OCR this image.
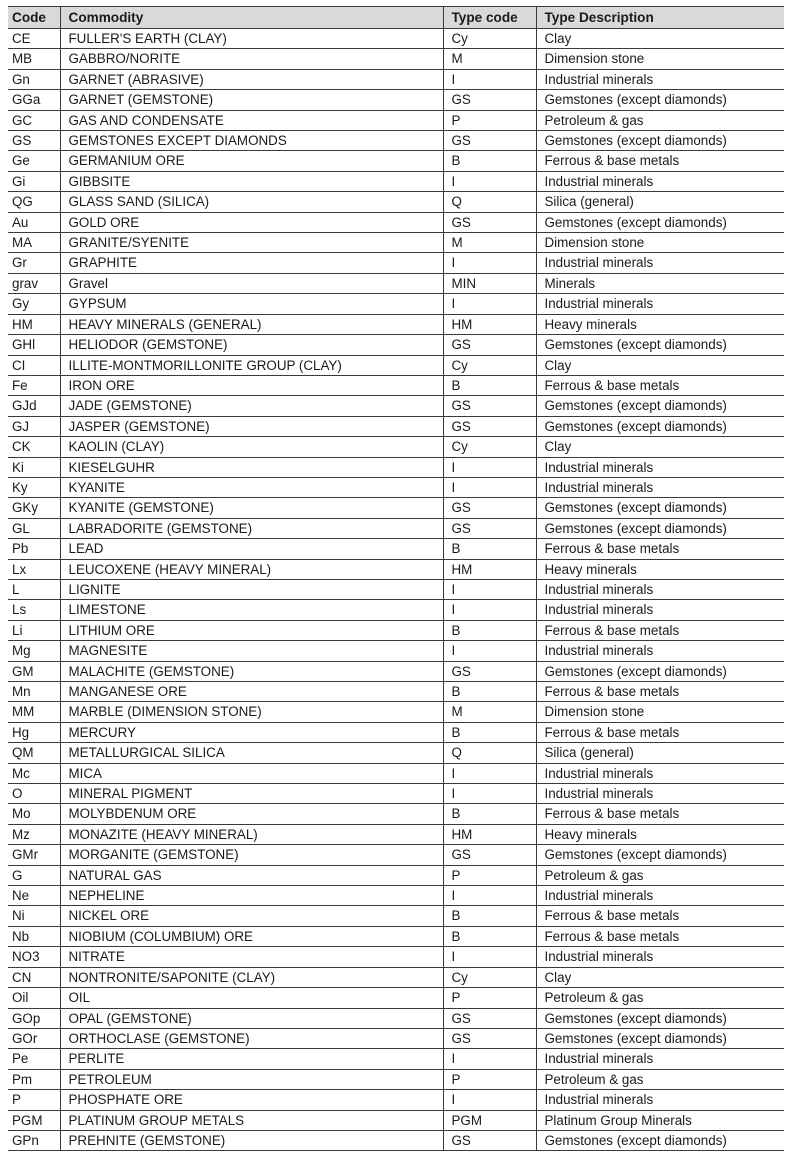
Code	Commodity	Type code	Type Description
CE	FULLER'S EARTH (CLAY)	Cy	Clay
MB	GABBRO/NORITE	M	Dimension stone
Gn	GARNET (ABRASIVE)	I	Industrial minerals
GGa	GARNET (GEMSTONE)	GS	Gemstones (except diamonds)
GC	GAS AND CONDENSATE	P	Petroleum & gas
GS	GEMSTONES EXCEPT DIAMONDS	GS	Gemstones (except diamonds)
Ge	GERMANIUM ORE	B	Ferrous & base metals
Gi	GIBBSITE	I	Industrial minerals
QG	GLASS SAND (SILICA)	Q	Silica (general)
Au	GOLD ORE	GS	Gemstones (except diamonds)
MA	GRANITE/SYENITE	M	Dimension stone
Gr	GRAPHITE	I	Industrial minerals
grav	Gravel	MIN	Minerals
Gy	GYPSUM	I	Industrial minerals
HM	HEAVY MINERALS (GENERAL)	HM	Heavy minerals
GHl	HELIODOR (GEMSTONE)	GS	Gemstones (except diamonds)
CI	ILLITE-MONTMORILLONITE GROUP (CLAY)	Cy	Clay
Fe	IRON ORE	B	Ferrous & base metals
GJd	JADE (GEMSTONE)	GS	Gemstones (except diamonds)
GJ	JASPER (GEMSTONE)	GS	Gemstones (except diamonds)
CK	KAOLIN (CLAY)	Cy	Clay
Ki	KIESELGUHR	I	Industrial minerals
Ky	KYANITE	I	Industrial minerals
GKy	KYANITE (GEMSTONE)	GS	Gemstones (except diamonds)
GL	LABRADORITE (GEMSTONE)	GS	Gemstones (except diamonds)
Pb	LEAD	B	Ferrous & base metals
Lx	LEUCOXENE (HEAVY MINERAL)	HM	Heavy minerals
L	LIGNITE	I	Industrial minerals
Ls	LIMESTONE	I	Industrial minerals
Li	LITHIUM ORE	B	Ferrous & base metals
Mg	MAGNESITE	I	Industrial minerals
GM	MALACHITE (GEMSTONE)	GS	Gemstones (except diamonds)
Mn	MANGANESE ORE	B	Ferrous & base metals
MM	MARBLE (DIMENSION STONE)	M	Dimension stone
Hg	MERCURY	B	Ferrous & base metals
QM	METALLURGICAL SILICA	Q	Silica (general)
Mc	MICA	I	Industrial minerals
O	MINERAL PIGMENT	I	Industrial minerals
Mo	MOLYBDENUM ORE	B	Ferrous & base metals
Mz	MONAZITE (HEAVY MINERAL)	HM	Heavy minerals
GMr	MORGANITE (GEMSTONE)	GS	Gemstones (except diamonds)
G	NATURAL GAS	P	Petroleum & gas
Ne	NEPHELINE	I	Industrial minerals
Ni	NICKEL ORE	B	Ferrous & base metals
Nb	NIOBIUM (COLUMBIUM) ORE	B	Ferrous & base metals
NO3	NITRATE	I	Industrial minerals
CN	NONTRONITE/SAPONITE (CLAY)	Cy	Clay
Oil	OIL	P	Petroleum & gas
GOp	OPAL (GEMSTONE)	GS	Gemstones (except diamonds)
GOr	ORTHOCLASE (GEMSTONE)	GS	Gemstones (except diamonds)
Pe	PERLITE	I	Industrial minerals
Pm	PETROLEUM	P	Petroleum & gas
P	PHOSPHATE ORE	I	Industrial minerals
PGM	PLATINUM GROUP METALS	PGM	Platinum Group Minerals
GPn	PREHNITE (GEMSTONE)	GS	Gemstones (except diamonds)
